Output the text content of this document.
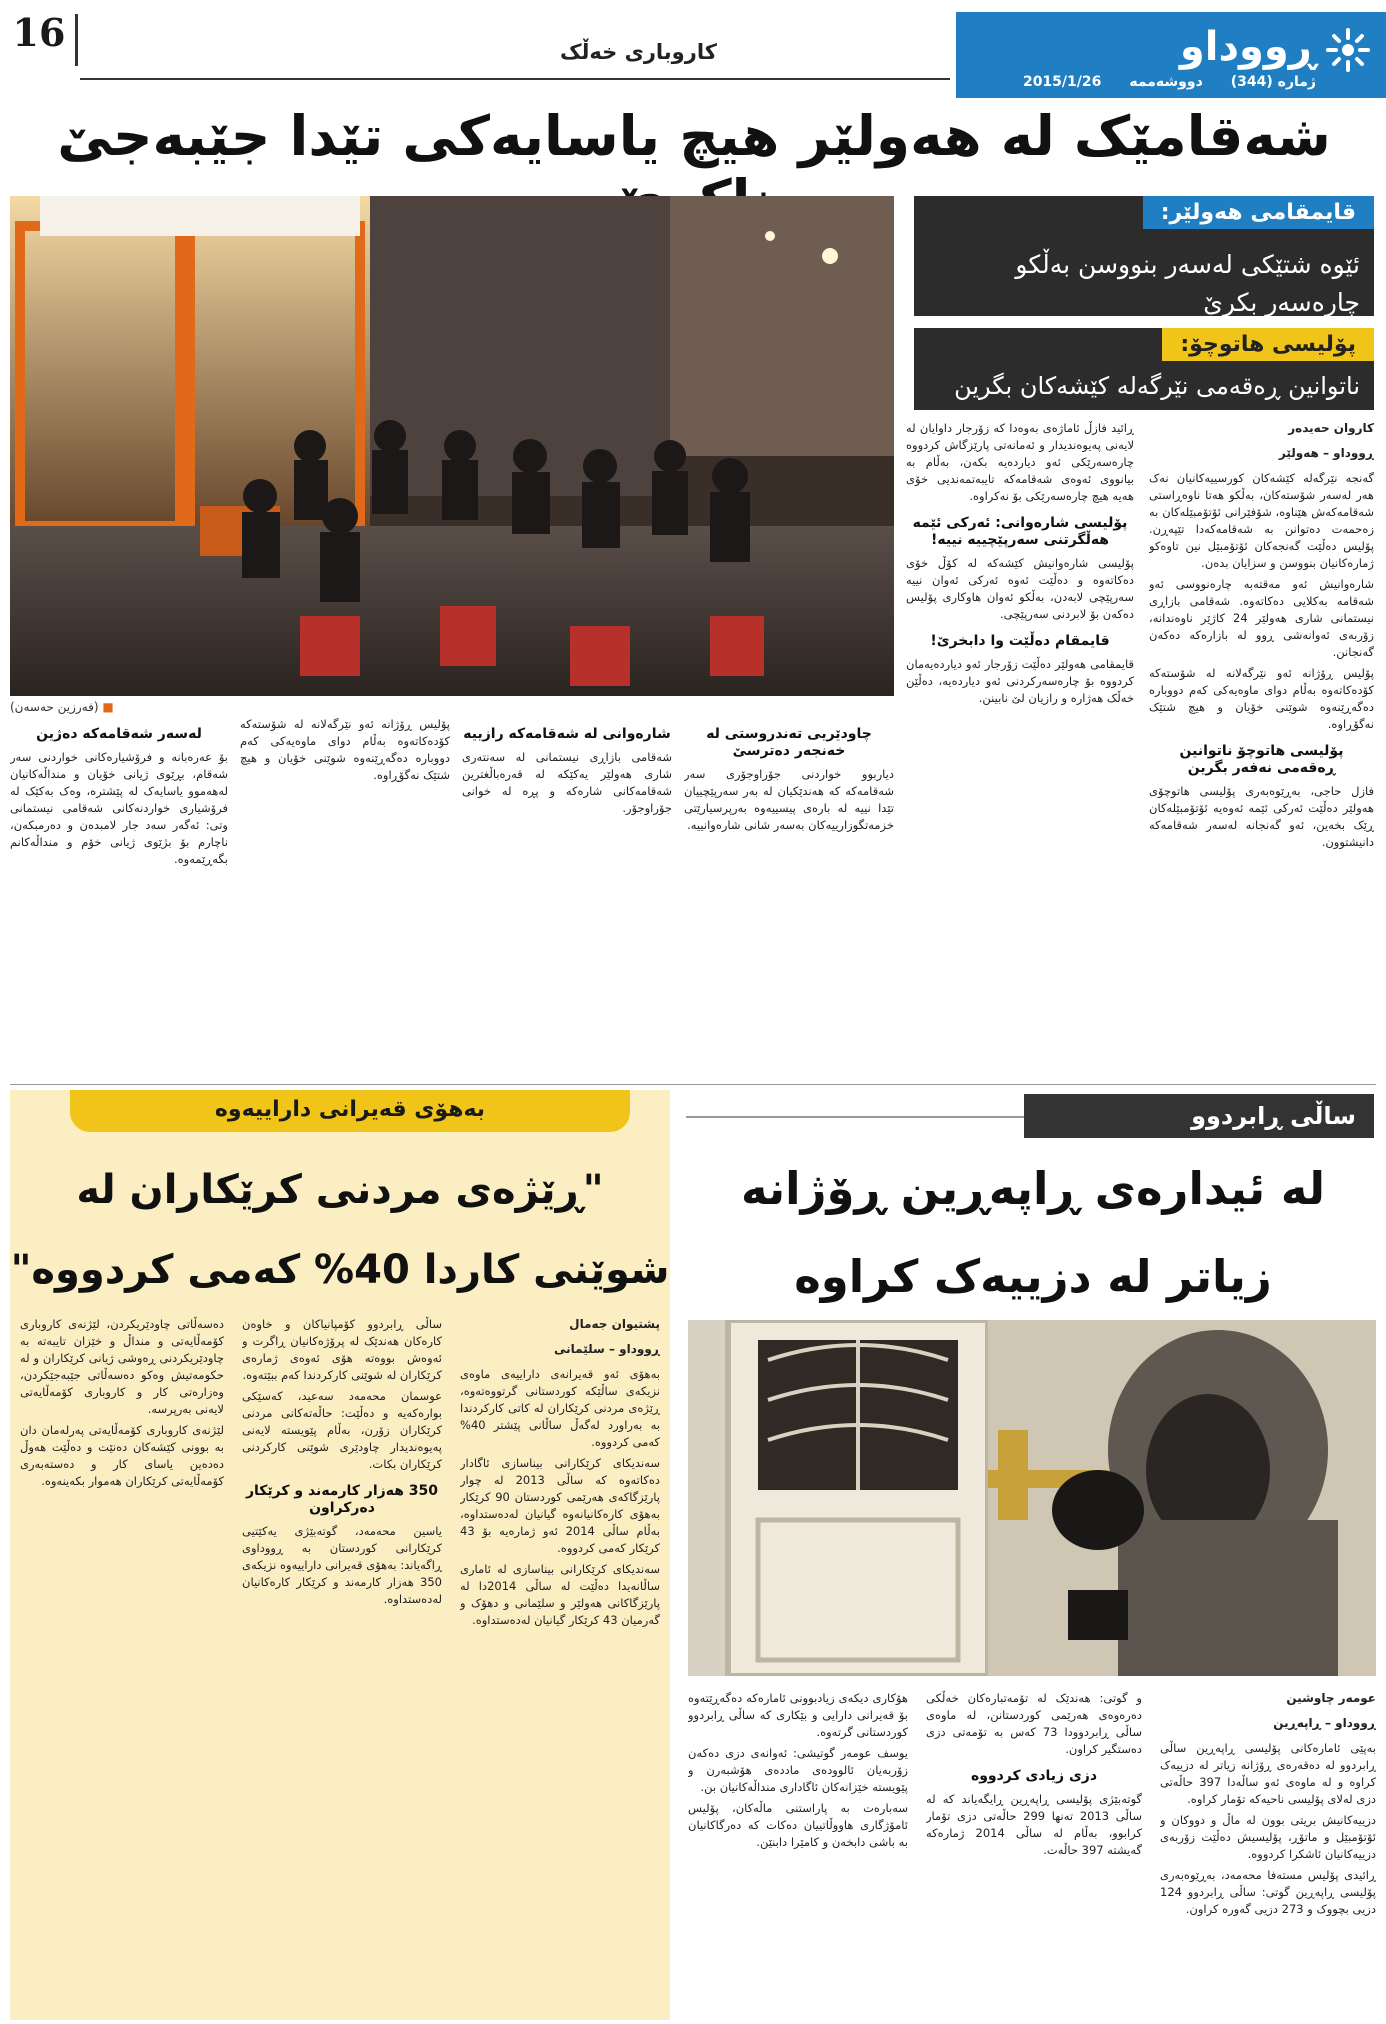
ڕووداو
ژمارە (344)
دووشەممە
2015/1/26
کاروباری خەڵک
16
شەقامێک لە هەولێر هیچ یاسایەکی تێدا جێبەجێ
■ (فەرزین حەسەن)
قایمقامی هەولێر:
ئێوە شتێکی لەسەر بنووسن بەڵکو چارەسەر بکرێ
پۆلیسی هاتوچۆ:
ناتوانین ڕەقەمی نێرگەلە کێشەکان بگرین
کاروان حەیدەر
ڕووداو – هەولێر

گەنجە نێرگەلە کێشەکان کورسییەکانیان نەک هەر لەسەر شۆستەکان، بەڵکو هەتا ناوەڕاستی شەقامەکەش هێناوە، شۆفێرانی ئۆتۆمبێلەکان بە زەحمەت دەتوانن بە شەقامەکەدا تێپەڕن. پۆلیس دەڵێت گەنجەکان ئۆتۆمبێل نین تاوەکو ژمارەکانیان بنووسن و سزایان بدەن.

شارەوانیش ئەو مەقتەبە چارەنووسی ئەو شەقامە بەکلایی دەکاتەوە. شەقامی بازاڕی نیستمانی شاری هەولێر 24 کاژێر ناوەندانە، زۆربەی ئەوانەشی ڕوو لە بازارەکە دەکەن گەنجانن.

پۆلیس ڕۆژانە ئەو نێرگەلانە لە شۆستەکە کۆدەکاتەوە بەڵام دوای ماوەیەکی کەم دووبارە دەگەڕێنەوە شوێنی خۆیان و هیچ شتێک نەگۆڕاوە.

پۆلیسی هاتوچۆ ناتوانین ڕەقەمی نەفەر بگرین

فازل حاجی، بەڕێوەبەری پۆلیسی هاتوچۆی هەولێر دەڵێت ئەرکی ئێمە ئەوەیە ئۆتۆمبێلەکان ڕێک بخەین، ئەو گەنجانە لەسەر شەقامەکە دانیشتوون.

ڕائید فازڵ ئاماژەی بەوەدا کە زۆرجار داوایان لە لایەنی پەیوەندیدار و ئەمانەتی پارێزگاش کردووە چارەسەرێکی ئەو دیاردەیە بکەن، بەڵام بە بیانووی ئەوەی شەقامەکە تایبەتمەندیی خۆی هەیە هیچ چارەسەرێکی بۆ نەکراوە.

پۆلیسی شارەوانی: ئەرکی ئێمە هەڵگرتنی سەرپێچییە نییە!

پۆلیسی شارەوانیش کێشەکە لە کۆڵ خۆی دەکاتەوە و دەڵێت ئەوە ئەرکی ئەوان نییە سەرپێچی لابەدن، بەڵکو ئەوان هاوکاری پۆلیس دەکەن بۆ لابردنی سەرپێچی.

قایمقام دەڵێت وا دابخرێ!

قایمقامی هەولێر دەڵێت زۆرجار ئەو دیاردەیەمان کردووە بۆ چارەسەرکردنی ئەو دیاردەیە، دەڵێن خەڵک هەژارە و رازیان لێ نابینن.

چاودێریی تەندروستی لە خەنجەر دەترسێ

دیاربوو خواردنی جۆراوجۆری سەر شەقامەکە کە هەندێکیان لە بەر سەرپێچییان تێدا نییە لە بارەی پیسییەوە بەرپرسیارێتی خزمەتگوزارییەکان بەسەر شانی شارەوانییە.

شارەوانی لە شەقامەکە رازییە

شەقامی بازاڕی نیستمانی لە سەنتەری شاری هەولێر یەکێکە لە قەرەباڵغترین شەقامەکانی شارەکە و پڕە لە خوانی جۆراوجۆر.

پۆلیس ڕۆژانە ئەو نێرگەلانە لە شۆستەکە کۆدەکاتەوە بەڵام دوای ماوەیەکی کەم دووبارە دەگەڕێنەوە شوێنی خۆیان و هیچ شتێک نەگۆڕاوە.

لەسەر شەقامەکە دەژین

بۆ عەرەبانە و فرۆشیارەکانی خواردنی سەر شەقام، بڕێوی ژیانی خۆیان و منداڵەکانیان لەهەموو یاسایەک لە پێشترە، وەک بەکێک لە فرۆشیاری خواردنەکانی شەقامی نیستمانی وتی: ئەگەر سەد جار لامبدەن و دەرمبکەن، ناچارم بۆ بژێوی ژیانی خۆم و منداڵەکانم بگەڕێمەوە.

بەهۆی قەیرانی داراییەوە
"ڕێژەی مردنی کرێکاران لە
شوێنی کاردا 40% کەمی کردووە"
پشتیوان جەمال
ڕووداو – سلێمانی

بەهۆی ئەو قەیرانەی داراییەی ماوەی نزیکەی ساڵێکە کوردستانی گرتووەتەوە، ڕێژەی مردنی کرێکاران لە کاتی کارکردندا بە بەراورد لەگەڵ ساڵانی پێشتر 40% کەمی کردووە.

سەندیکای کرێکارانی بیناسازی ئاگادار دەکاتەوە کە ساڵی 2013 لە چوار پارێزگاکەی هەرێمی کوردستان 90 کرێکار بەهۆی کارەکانیانەوە گیانیان لەدەستداوە، بەڵام ساڵی 2014 ئەو ژمارەیە بۆ 43 کرێکار کەمی کردووە.

سەندیکای کرێکارانی بیناسازی لە ئاماری ساڵانەیدا دەڵێت لە ساڵی 2014دا لە پارێزگاکانی هەولێر و سلێمانی و دهۆک و گەرمیان 43 کرێکار گیانیان لەدەستداوە.

ساڵی ڕابردوو کۆمپانیاکان و خاوەن کارەکان هەندێک لە پرۆژەکانیان ڕاگرت و ئەوەش بووەتە هۆی ئەوەی ژمارەی کرێکاران لە شوێنی کارکردندا کەم ببێتەوە.

عوسمان محەمەد سەعید، کەسێکی بوارەکەیە و دەڵێت: حاڵەتەکانی مردنی کرێکاران زۆرن، بەڵام پێویستە لایەنی پەیوەندیدار چاودێری شوێنی کارکردنی کرێکاران بکات.

350 هەزار کارمەند و کرێکار دەرکراون

یاسین محەمەد، گوتەبێژی یەکێتیی کرێکارانی کوردستان بە ڕووداوی ڕاگەیاند: بەهۆی قەیرانی داراییەوە نزیکەی 350 هەزار کارمەند و کرێکار کارەکانیان لەدەستداوە.

دەسەڵاتی چاودێریکردن، لێژنەی کاروباری کۆمەڵایەتی و منداڵ و خێزان تایبەتە بە چاودێریکردنی ڕەوشی ژیانی کرێکاران و لە حکومەتیش وەکو دەسەڵاتی جێبەجێکردن، وەزارەتی کار و کاروباری کۆمەڵایەتی لایەنی بەرپرسە.

لێژنەی کاروباری کۆمەڵایەتی پەرلەمان دان بە بوونی کێشەکان دەنێت و دەڵێت هەوڵ دەدەین یاسای کار و دەستەبەری کۆمەڵایەتی کرێکاران هەموار بکەینەوە.

ساڵی ڕابردوو
لە ئیدارەی ڕاپەڕین ڕۆژانە
زیاتر لە دزییەک کراوە
عومەر چاوشین
ڕووداو – ڕاپەڕین

بەپێی ئامارەکانی پۆلیسی ڕاپەڕین ساڵی ڕابردوو لە دەقەرەی ڕۆژانە زیاتر لە دزییەک کراوە و لە ماوەی ئەو ساڵەدا 397 حاڵەتی دزی لەلای پۆلیسی ناحیەکە تۆمار کراوە.

دزییەکانیش بریتی بوون لە ماڵ و دووکان و ئۆتۆمبێل و ماتۆڕ، پۆلیسیش دەڵێت زۆربەی دزییەکانیان ئاشکرا کردووە.

ڕائیدی پۆلیس مستەفا محەمەد، بەڕێوەبەری پۆلیسی ڕاپەڕین گوتی: ساڵی ڕابردوو 124 دزیی بچووک و 273 دزیی گەورە کراون.

و گوتی: هەندێک لە تۆمەتبارەکان خەڵکی دەرەوەی هەرێمی کوردستانن، لە ماوەی ساڵی ڕابردوودا 73 کەس بە تۆمەتی دزی دەستگیر کراون.

دزی زیادی کردووە

گوتەبێژی پۆلیسی ڕاپەڕین ڕایگەیاند کە لە ساڵی 2013 تەنها 299 حاڵەتی دزی تۆمار کرابوو، بەڵام لە ساڵی 2014 ژمارەکە گەیشتە 397 حاڵەت.

هۆکاری دیکەی زیادبوونی ئامارەکە دەگەڕێتەوە بۆ قەیرانی دارایی و بێکاری کە ساڵی ڕابردوو کوردستانی گرتەوە.

یوسف عومەر گوتیشی: ئەوانەی دزی دەکەن زۆربەیان ئالوودەی ماددەی هۆشبەرن و پێویستە خێزانەکان ئاگاداری منداڵەکانیان بن.

سەبارەت بە پاراستنی ماڵەکان، پۆلیس ئامۆژگاری هاووڵاتییان دەکات کە دەرگاکانیان بە باشی دابخەن و کامێرا دابنێن.
